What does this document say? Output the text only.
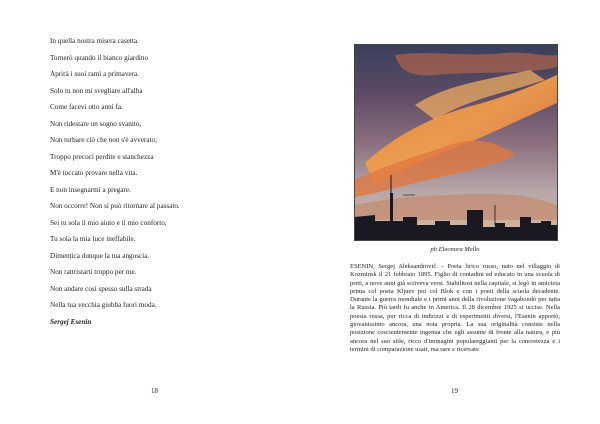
In quella nostra misera casetta.
Tornerò quando il bianco giardino
Aprirà i suoi rami a primavera.
Solo tu non mi svegliare all'alba
Come facevi otto anni fa.
Non ridestare un sogno svanito,
Non turbare ciò che non s'è avverato;
Troppo precoci perdite e stanchezza
M'è toccato provare nella vita.
E non insegnarmi a pregare.
Non occorre! Non si può ritornare al passato.
Sei tu sola il mio aiuto e il mio conforto,
Tu sola la mia luce ineffabile.
Dimentica dunque la tua angoscia.
Non rattristarti troppo per me.
Non andare così spesso sulla strada
Nella tua vecchia giubba fuori moda.
Sergej Esenin
18
ph Eleonora Mello
ESENIN, Sergej Aleksandrovič. - Poeta lirico russo, nato nel villaggio di Kozminsk il 21 febbraio 1895. Figlio di contadini ed educato in una scuola di preti, a nove anni già scriveva versi. Stabilitosi nella capitale, si legò in amicizia prima col poeta Kljuev poi col Blok e con i poeti della scuola decadente. Durante la guerra mondiale e i primi anni della rivoluzione vagabondò per tutta la Russia. Più tardi fu anche in America. Il 28 dicembre 1925 si uccise. Nella poesia russa, pur ricca di indirizzi e di esperimenti diversi, l'Esenin apportò, giovanissimo ancora, una nota propria. La sua originalità consiste nella posizione coscientemente ingenua che egli assume di fronte alla natura, e più ancora nel suo stile, ricco d'immagini popolareggianti per la concretezza e i termini di comparazione usati, ma rare e ricercate
19
